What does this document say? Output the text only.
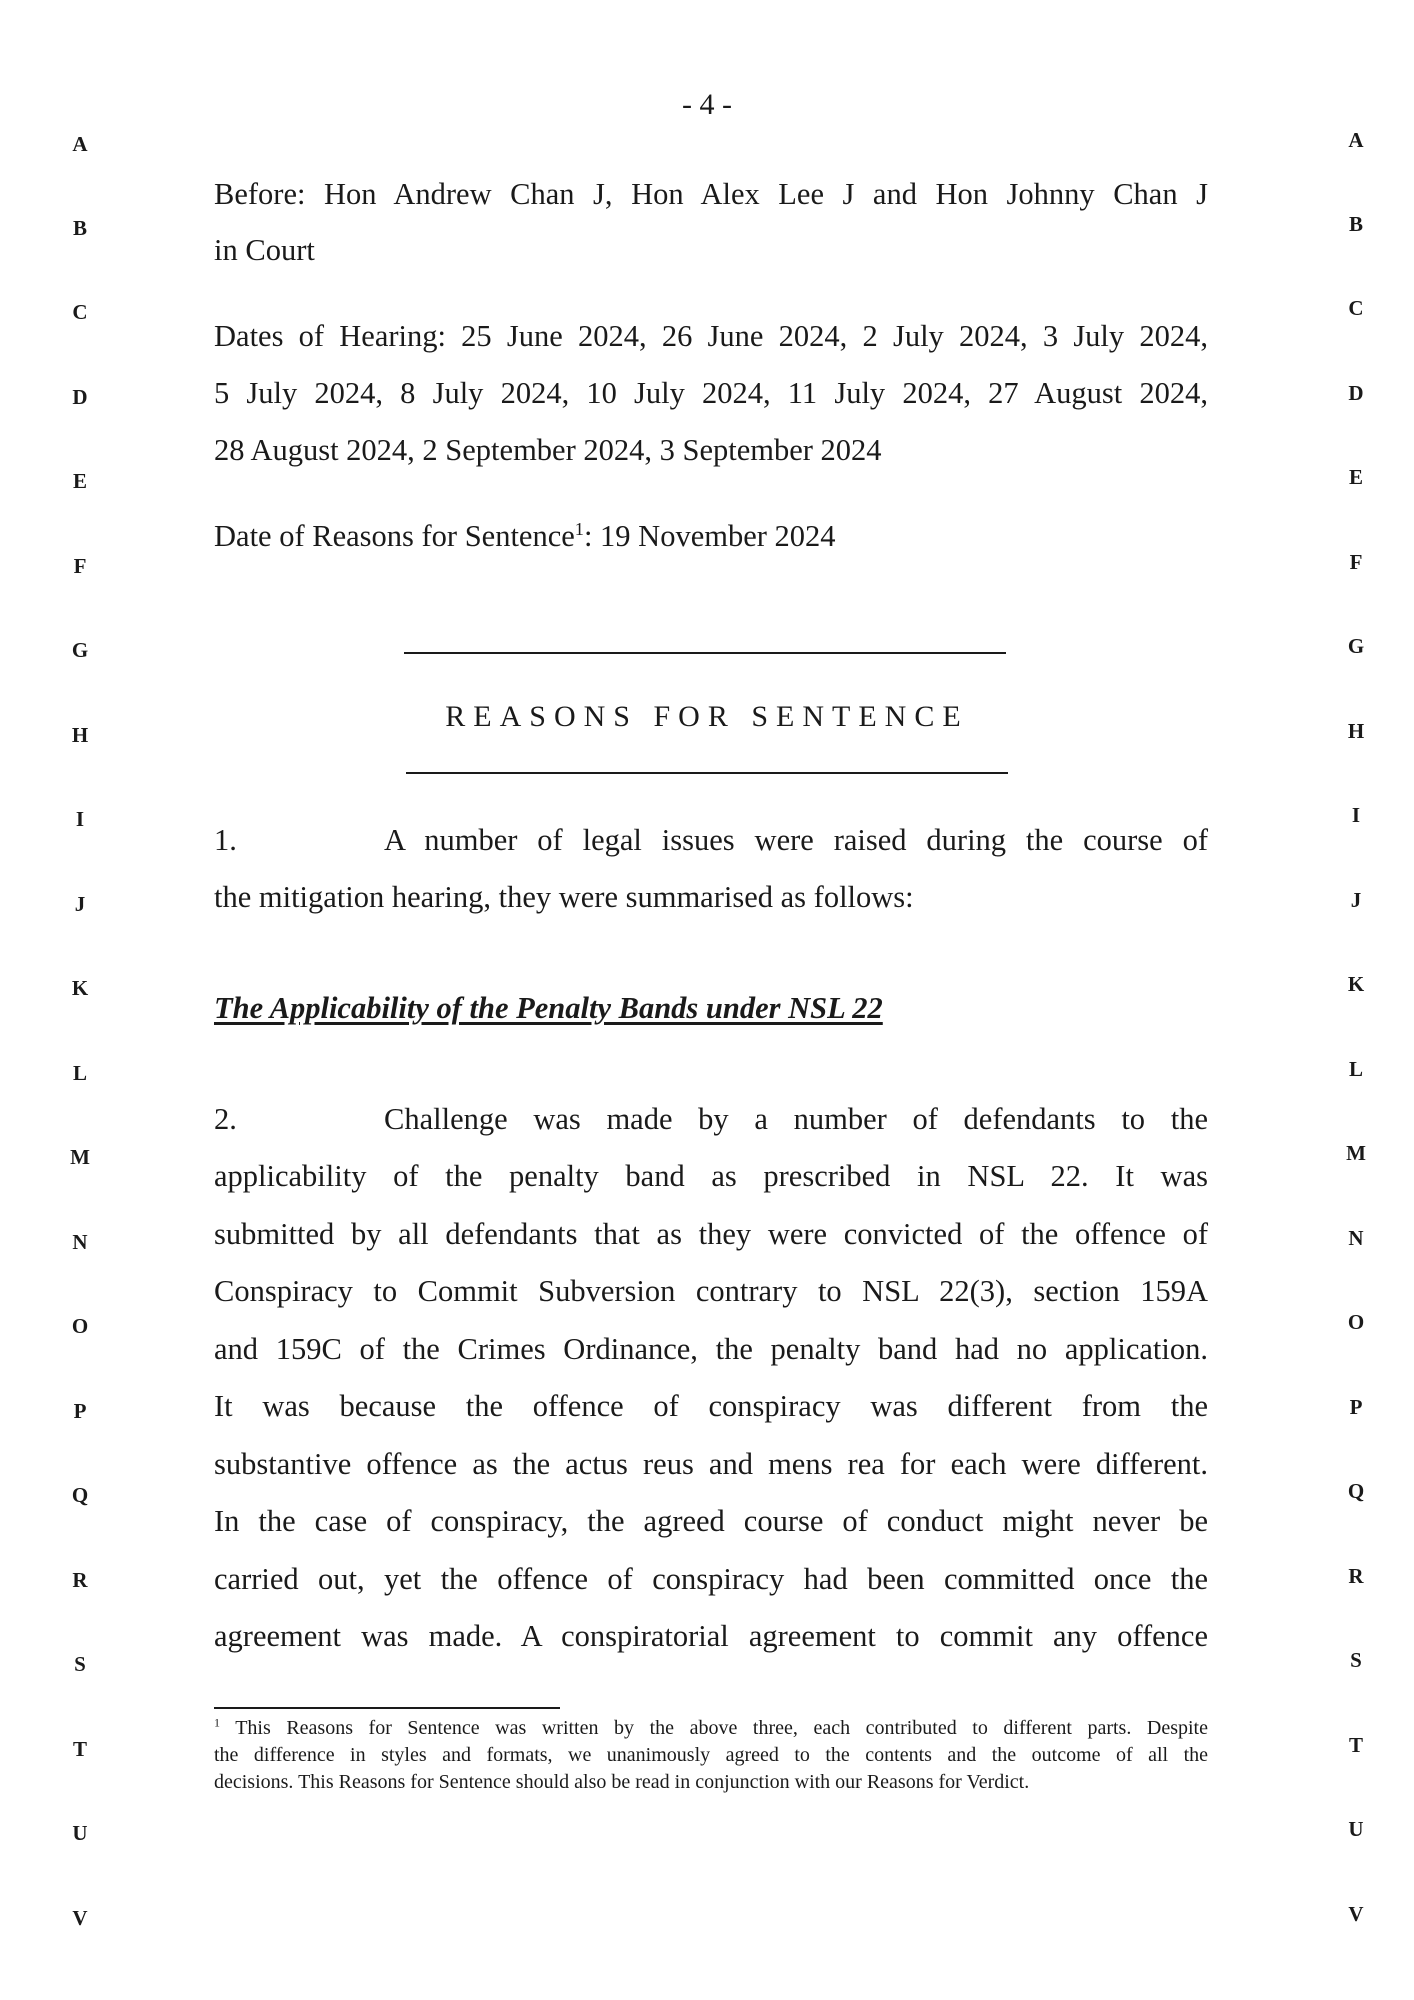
- 4 -
A
B
C
D
E
F
G
H
I
J
K
L
M
N
O
P
Q
R
S
T
U
V
A
B
C
D
E
F
G
H
I
J
K
L
M
N
O
P
Q
R
S
T
U
V
Before: Hon Andrew Chan J, Hon Alex Lee J and Hon Johnny Chan J
in Court
Dates of Hearing: 25 June 2024, 26 June 2024, 2 July 2024, 3 July 2024,
5 July 2024, 8 July 2024, 10 July 2024, 11 July 2024, 27 August 2024,
28 August 2024, 2 September 2024, 3 September 2024
Date of Reasons for Sentence$^1$: 19 November 2024
REASONS FOR SENTENCE
1.	A number of legal issues were raised during the course of
the mitigation hearing, they were summarised as follows:
The Applicability of the Penalty Bands under NSL 22
2.	Challenge was made by a number of defendants to the
applicability of the penalty band as prescribed in NSL 22. It was
submitted by all defendants that as they were convicted of the offence of
Conspiracy to Commit Subversion contrary to NSL 22(3), section 159A
and 159C of the Crimes Ordinance, the penalty band had no application.
It was because the offence of conspiracy was different from the
substantive offence as the actus reus and mens rea for each were different.
In the case of conspiracy, the agreed course of conduct might never be
carried out, yet the offence of conspiracy had been committed once the
agreement was made. A conspiratorial agreement to commit any offence
$^1$ This Reasons for Sentence was written by the above three, each contributed to different parts. Despite
the difference in styles and formats, we unanimously agreed to the contents and the outcome of all the
decisions. This Reasons for Sentence should also be read in conjunction with our Reasons for Verdict.
